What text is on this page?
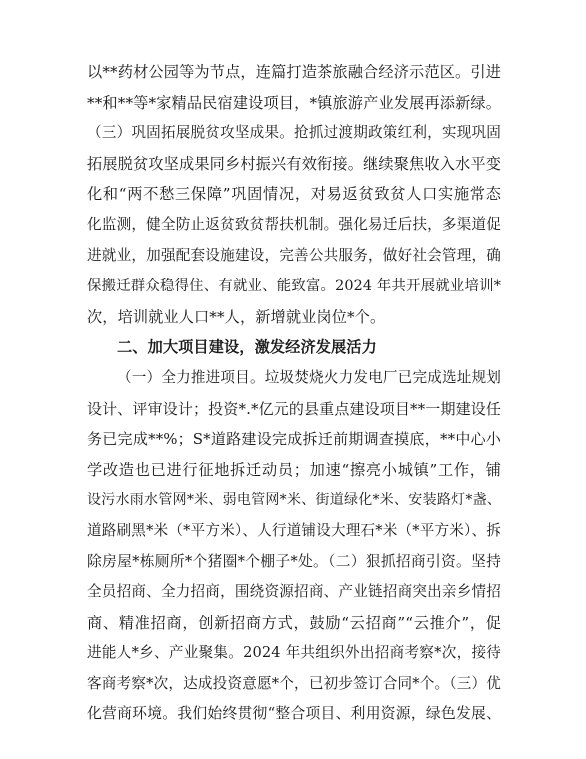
以**药材公园等为节点，连篇打造茶旅融合经济示范区。引进
**和**等*家精品民宿建设项目，*镇旅游产业发展再添新绿。
（三）巩固拓展脱贫攻坚成果。抢抓过渡期政策红利，实现巩固
拓展脱贫攻坚成果同乡村振兴有效衔接。继续聚焦收入水平变
化和“两不愁三保障”巩固情况，对易返贫致贫人口实施常态
化监测，健全防止返贫致贫帮扶机制。强化易迁后扶，多渠道促
进就业，加强配套设施建设，完善公共服务，做好社会管理，确
保搬迁群众稳得住、有就业、能致富。2024 年共开展就业培训*
次，培训就业人口**人，新增就业岗位*个。
二、加大项目建设，激发经济发展活力
（一）全力推进项目。垃圾焚烧火力发电厂已完成选址规划
设计、评审设计；投资*.*亿元的县重点建设项目**一期建设任
务已完成**%；S*道路建设完成拆迁前期调查摸底，**中心小
学改造也已进行征地拆迁动员；加速“擦亮小城镇”工作，铺
设污水雨水管网*米、弱电管网*米、街道绿化*米、安装路灯*盏、
道路刷黑*米（*平方米）、人行道铺设大理石*米（*平方米）、拆
除房屋*栋厕所*个猪圈*个棚子*处。（二）狠抓招商引资。坚持
全员招商、全力招商，围绕资源招商、产业链招商突出亲乡情招
商、精准招商，创新招商方式，鼓励“云招商”“云推介”，促
进能人*乡、产业聚集。2024 年共组织外出招商考察*次，接待
客商考察*次，达成投资意愿*个，已初步签订合同*个。（三）优
化营商环境。我们始终贯彻“整合项目、利用资源，绿色发展、
